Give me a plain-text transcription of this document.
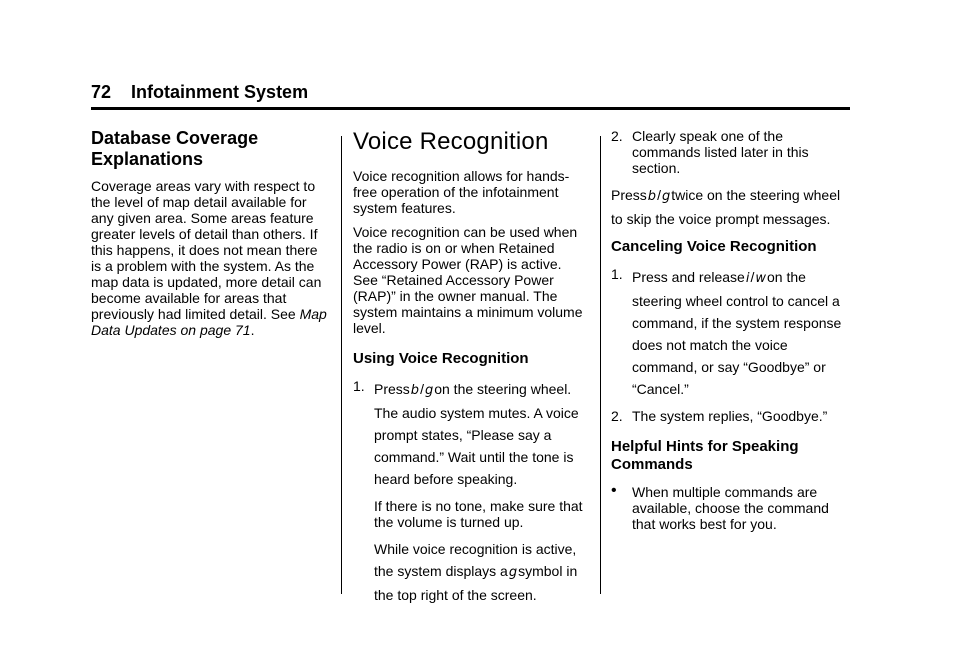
72 Infotainment System
Database Coverage
Explanations

Coverage areas vary with respect to the level of map detail available for any given area. Some areas feature greater levels of detail than others. If this happens, it does not mean there is a problem with the system. As the map data is updated, more detail can become available for areas that previously had limited detail. See Map Data Updates on page 71.

Voice Recognition

Voice recognition allows for hands-free operation of the infotainment system features.

Voice recognition can be used when the radio is on or when Retained Accessory Power (RAP) is active. See “Retained Accessory Power (RAP)” in the owner manual. The system maintains a minimum volume level.

Using Voice Recognition
1. Pressb/gon the steering wheel. The audio system mutes. A voice prompt states, “Please say a command.” Wait until the tone is heard before speaking.

If there is no tone, make sure that the volume is turned up.

While voice recognition is active, the system displays agsymbol in the top right of the screen.

2. Clearly speak one of the commands listed later in this section.

Pressb/gtwice on the steering wheel to skip the voice prompt messages.

Canceling Voice Recognition
1. Press and releasei/won the steering wheel control to cancel a command, if the system response does not match the voice command, or say “Goodbye” or “Cancel.”

2. The system replies, “Goodbye.”

Helpful Hints for Speaking Commands
• When multiple commands are available, choose the command that works best for you.
